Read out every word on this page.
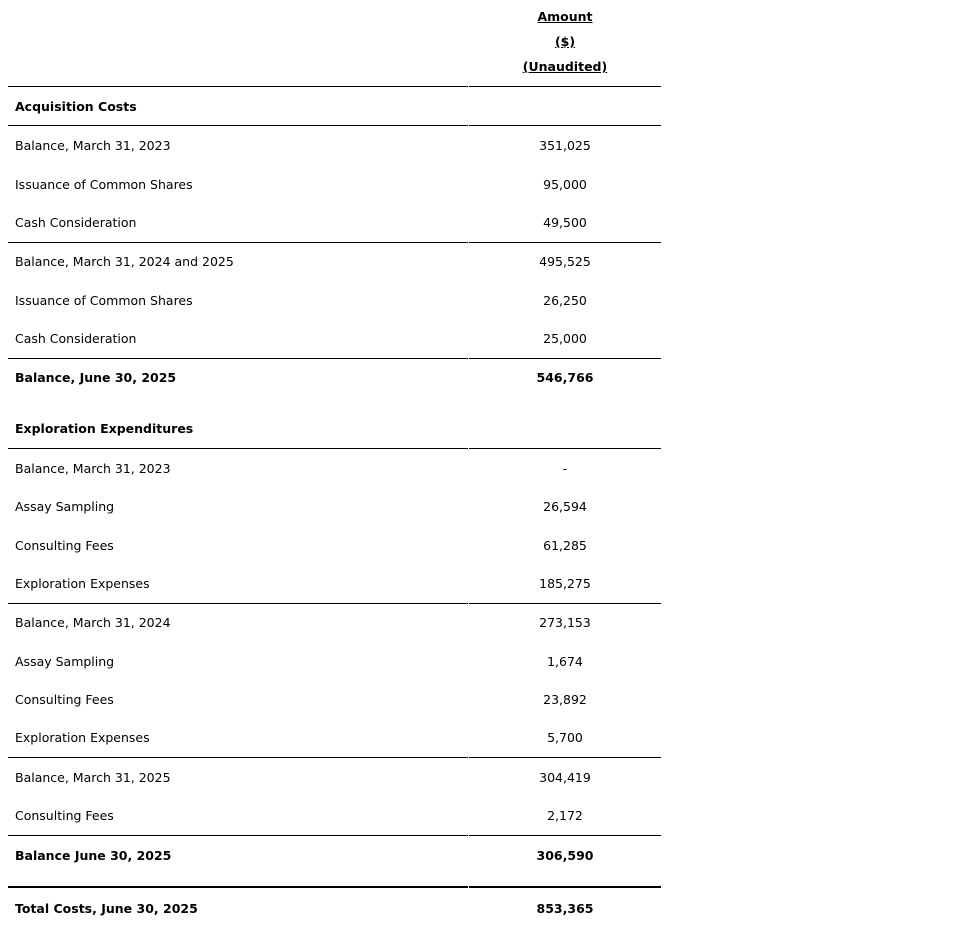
Amount
($)
(Unaudited)
Acquisition Costs
Balance, March 31, 2023	351,025
Issuance of Common Shares	95,000
Cash Consideration	49,500
Balance, March 31, 2024 and 2025	495,525
Issuance of Common Shares	26,250
Cash Consideration	25,000
Balance, June 30, 2025	546,766
Exploration Expenditures
Balance, March 31, 2023	-
Assay Sampling	26,594
Consulting Fees	61,285
Exploration Expenses	185,275
Balance, March 31, 2024	273,153
Assay Sampling	1,674
Consulting Fees	23,892
Exploration Expenses	5,700
Balance, March 31, 2025	304,419
Consulting Fees	2,172
Balance June 30, 2025	306,590
Total Costs, June 30, 2025	853,365
